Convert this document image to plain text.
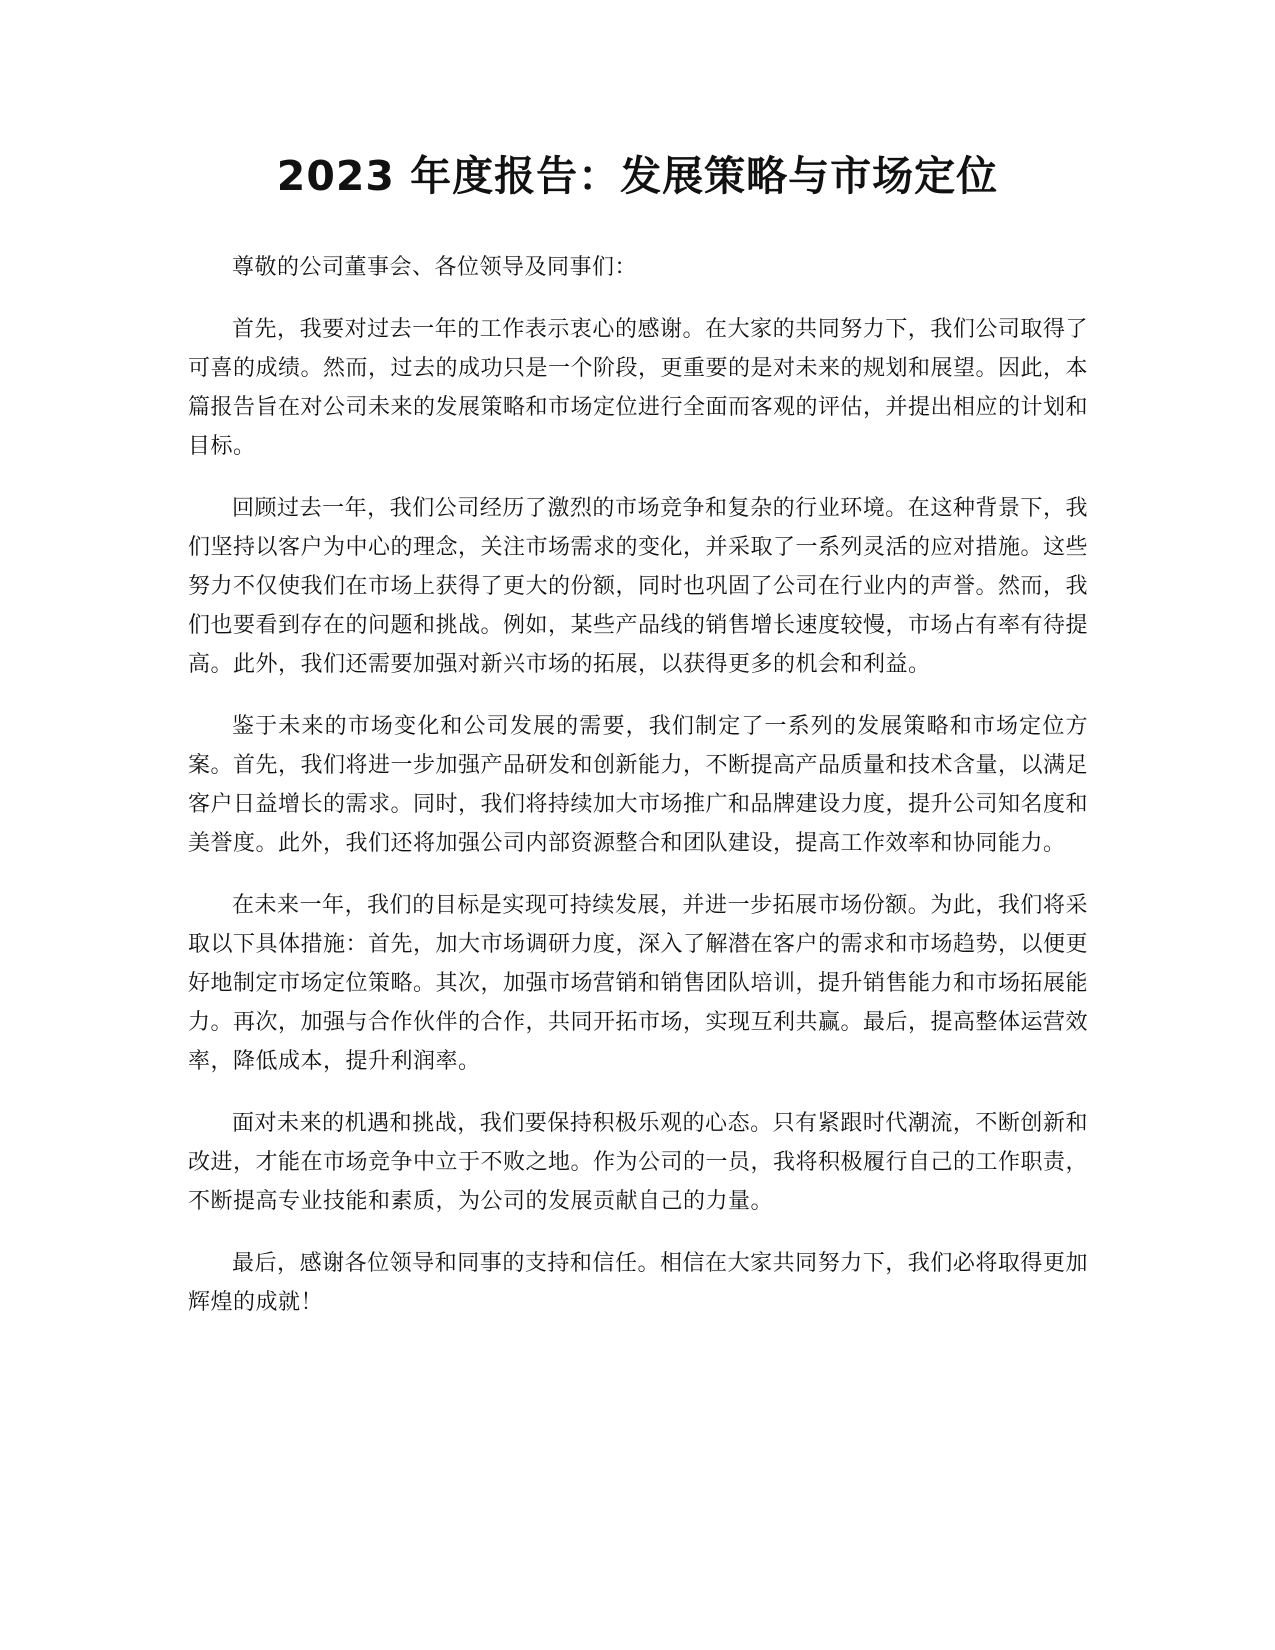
2023 年度报告：发展策略与市场定位

尊敬的公司董事会、各位领导及同事们：

首先，我要对过去一年的工作表示衷心的感谢。在大家的共同努力下，我们公司取得了可喜的成绩。然而，过去的成功只是一个阶段，更重要的是对未来的规划和展望。因此，本篇报告旨在对公司未来的发展策略和市场定位进行全面而客观的评估，并提出相应的计划和目标。

回顾过去一年，我们公司经历了激烈的市场竞争和复杂的行业环境。在这种背景下，我们坚持以客户为中心的理念，关注市场需求的变化，并采取了一系列灵活的应对措施。这些努力不仅使我们在市场上获得了更大的份额，同时也巩固了公司在行业内的声誉。然而，我们也要看到存在的问题和挑战。例如，某些产品线的销售增长速度较慢，市场占有率有待提高。此外，我们还需要加强对新兴市场的拓展，以获得更多的机会和利益。

鉴于未来的市场变化和公司发展的需要，我们制定了一系列的发展策略和市场定位方案。首先，我们将进一步加强产品研发和创新能力，不断提高产品质量和技术含量，以满足客户日益增长的需求。同时，我们将持续加大市场推广和品牌建设力度，提升公司知名度和美誉度。此外，我们还将加强公司内部资源整合和团队建设，提高工作效率和协同能力。

在未来一年，我们的目标是实现可持续发展，并进一步拓展市场份额。为此，我们将采取以下具体措施：首先，加大市场调研力度，深入了解潜在客户的需求和市场趋势，以便更好地制定市场定位策略。其次，加强市场营销和销售团队培训，提升销售能力和市场拓展能力。再次，加强与合作伙伴的合作，共同开拓市场，实现互利共赢。最后，提高整体运营效率，降低成本，提升利润率。

面对未来的机遇和挑战，我们要保持积极乐观的心态。只有紧跟时代潮流，不断创新和改进，才能在市场竞争中立于不败之地。作为公司的一员，我将积极履行自己的工作职责，不断提高专业技能和素质，为公司的发展贡献自己的力量。

最后，感谢各位领导和同事的支持和信任。相信在大家共同努力下，我们必将取得更加辉煌的成就！
